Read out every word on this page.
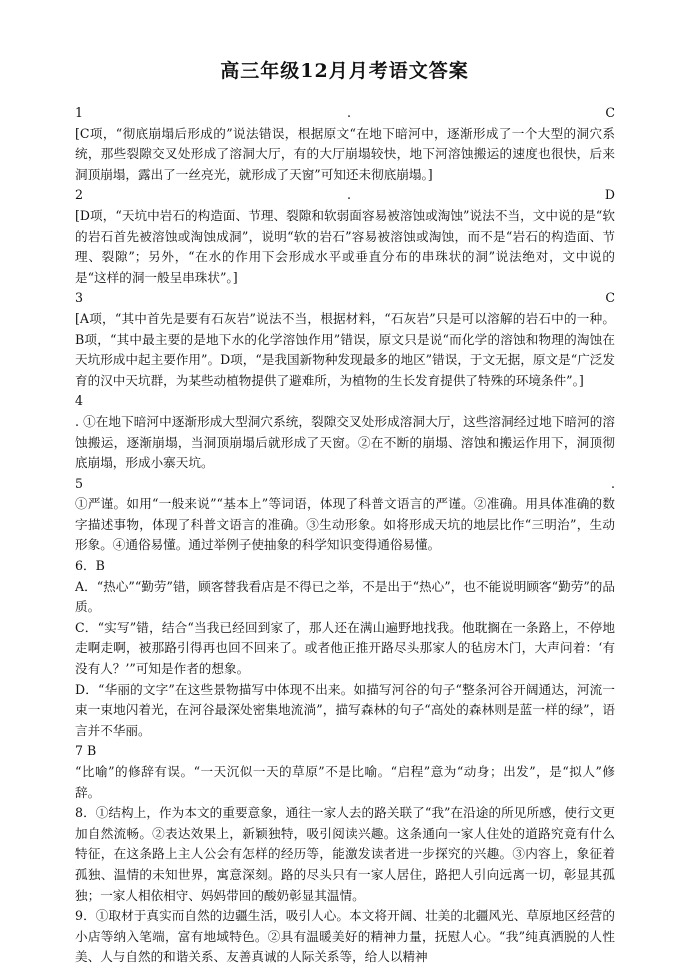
高三年级12月月考语文答案
1	.	C

[C项，“彻底崩塌后形成的”说法错误，根据原文“在地下暗河中，逐渐形成了一个大型的洞穴系统，那些裂隙交叉处形成了溶洞大厅，有的大厅崩塌较快，地下河溶蚀搬运的速度也很快，后来洞顶崩塌，露出了一丝亮光，就形成了天窗”可知还未彻底崩塌。]

2	.	D

[D项，“天坑中岩石的构造面、节理、裂隙和软弱面容易被溶蚀或淘蚀”说法不当，文中说的是“软的岩石首先被溶蚀或淘蚀成洞”，说明“软的岩石”容易被溶蚀或淘蚀，而不是“岩石的构造面、节理、裂隙”；另外，“在水的作用下会形成水平或垂直分布的串珠状的洞”说法绝对，文中说的是“这样的洞一般呈串珠状”。]

3	C

[A项，“其中首先是要有石灰岩”说法不当，根据材料，“石灰岩”只是可以溶解的岩石中的一种。B项，“其中最主要的是地下水的化学溶蚀作用”错误，原文只是说“而化学的溶蚀和物理的淘蚀在天坑形成中起主要作用”。D项，“是我国新物种发现最多的地区”错误，于文无据，原文是“广泛发育的汉中天坑群，为某些动植物提供了避难所，为植物的生长发育提供了特殊的环境条件”。]

4

. ①在地下暗河中逐渐形成大型洞穴系统，裂隙交叉处形成溶洞大厅，这些溶洞经过地下暗河的溶蚀搬运，逐渐崩塌，当洞顶崩塌后就形成了天窗。②在不断的崩塌、溶蚀和搬运作用下，洞顶彻底崩塌，形成小寨天坑。

5	.

①严谨。如用“一般来说”“基本上”等词语，体现了科普文语言的严谨。②准确。用具体准确的数字描述事物，体现了科普文语言的准确。③生动形象。如将形成天坑的地层比作“三明治”，生动形象。④通俗易懂。通过举例子使抽象的科学知识变得通俗易懂。

6．B

A．“热心”“勤劳”错，顾客替我看店是不得已之举，不是出于“热心”，也不能说明顾客“勤劳”的品质。

C．“实写”错，结合“当我已经回到家了，那人还在满山遍野地找我。他耽搁在一条路上，不停地走啊走啊，被那路引得再也回不回来了。或者他正推开路尽头那家人的毡房木门，大声问着：‘有没有人？’”可知是作者的想象。

D．“华丽的文字”在这些景物描写中体现不出来。如描写河谷的句子“整条河谷开阔通达，河流一束一束地闪着光，在河谷最深处密集地流淌”，描写森林的句子“高处的森林则是蓝一样的绿”，语言并不华丽。

7 B

“比喻”的修辞有误。“一天沉似一天的草原”不是比喻。“启程”意为“动身；出发”，是“拟人”修辞。

8．①结构上，作为本文的重要意象，通往一家人去的路关联了“我”在沿途的所见所感，使行文更加自然流畅。②表达效果上，新颖独特，吸引阅读兴趣。这条通向一家人住处的道路究竟有什么特征，在这条路上主人公会有怎样的经历等，能激发读者进一步探究的兴趣。③内容上，象征着孤独、温情的未知世界，寓意深刻。路的尽头只有一家人居住，路把人引向远离一切，彰显其孤独；一家人相依相守、妈妈带回的酸奶彰显其温情。

9．①取材于真实而自然的边疆生活，吸引人心。本文将开阔、壮美的北疆风光、草原地区经营的小店等纳入笔端，富有地域特色。②具有温暖美好的精神力量，抚慰人心。“我”纯真洒脱的人性美、人与自然的和谐关系、友善真诚的人际关系等，给人以精神
